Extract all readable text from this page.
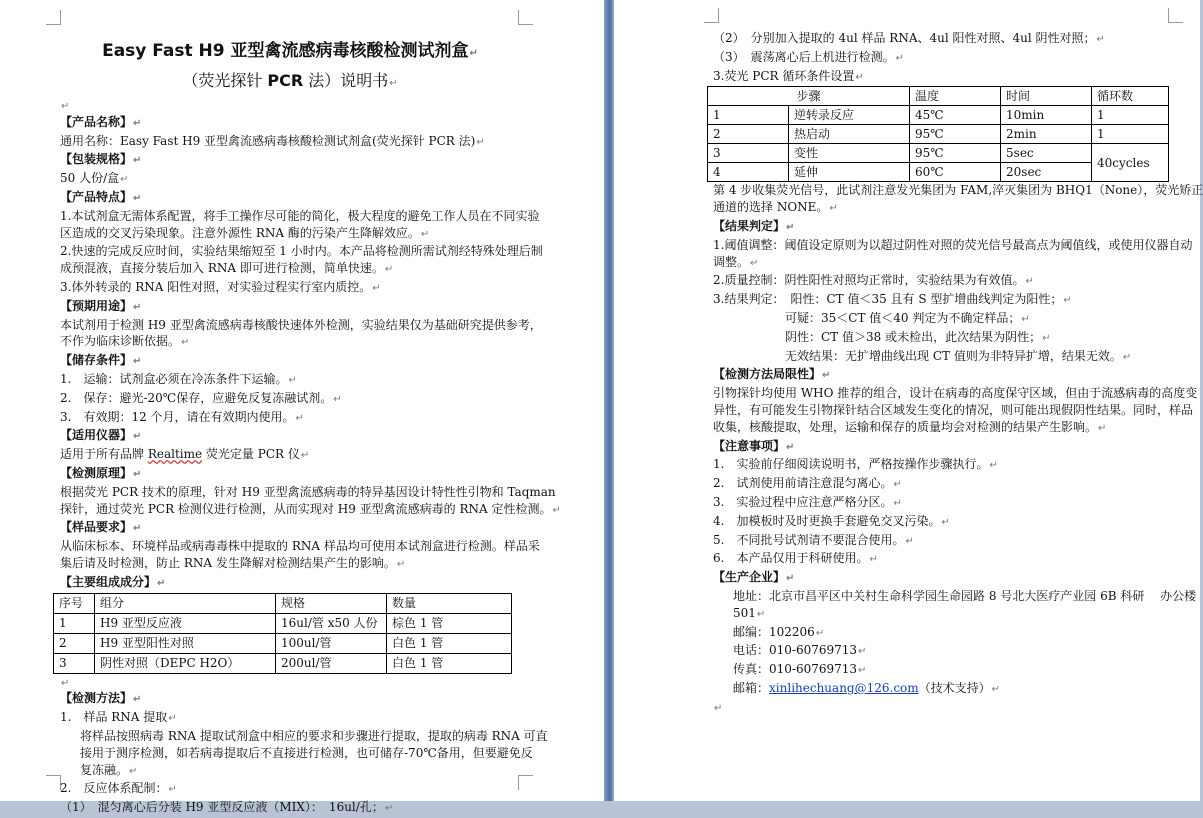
Easy Fast H9 亚型禽流感病毒核酸检测试剂盒↵
（荧光探针 PCR 法）说明书↵
↵
【产品名称】↵
通用名称：Easy Fast H9 亚型禽流感病毒核酸检测试剂盒(荧光探针 PCR 法)↵
【包装规格】↵
50 人份/盒↵
【产品特点】↵
1.本试剂盒无需体系配置，将手工操作尽可能的简化，极大程度的避免工作人员在不同实验
区造成的交叉污染现象。注意外源性 RNA 酶的污染产生降解效应。↵
2.快速的完成反应时间，实验结果缩短至 1 小时内。本产品将检测所需试剂经特殊处理后制
成预混液，直接分装后加入 RNA 即可进行检测，简单快速。↵
3.体外转录的 RNA 阳性对照，对实验过程实行室内质控。↵
【预期用途】↵
本试剂用于检测 H9 亚型禽流感病毒核酸快速体外检测，实验结果仅为基础研究提供参考，
不作为临床诊断依据。↵
【储存条件】↵
1.　运输：试剂盒必须在冷冻条件下运输。↵
2.　保存：避光-20℃保存，应避免反复冻融试剂。↵
3.　有效期：12 个月，请在有效期内使用。↵
【适用仪器】↵
适用于所有品牌 Realtime 荧光定量 PCR 仪↵
【检测原理】↵
根据荧光 PCR 技术的原理，针对 H9 亚型禽流感病毒的特异基因设计特性性引物和 Taqman
探针，通过荧光 PCR 检测仪进行检测，从而实现对 H9 亚型禽流感病毒的 RNA 定性检测。↵
【样品要求】↵
从临床标本、环境样品或病毒毒株中提取的 RNA 样品均可使用本试剂盒进行检测。样品采
集后请及时检测，防止 RNA 发生降解对检测结果产生的影响。↵
【主要组成成分】↵
序号	组分	规格	数量
1	H9 亚型反应液	16ul/管 x50 人份	棕色 1 管
2	H9 亚型阳性对照	100ul/管	白色 1 管
3	阴性对照（DEPC H2O）	200ul/管	白色 1 管
↵
【检测方法】↵
1.　样品 RNA 提取↵
将样品按照病毒 RNA 提取试剂盒中相应的要求和步骤进行提取，提取的病毒 RNA 可直
接用于测序检测，如若病毒提取后不直接进行检测，也可储存-70℃备用，但要避免反
复冻融。↵
2.　反应体系配制：↵
（1）　混匀离心后分装 H9 亚型反应液（MIX）：　16ul/孔；↵
（2）　分别加入提取的 4ul 样品 RNA、4ul 阳性对照、4ul 阴性对照；↵
（3）　震荡离心后上机进行检测。↵
3.荧光 PCR 循环条件设置↵
步骤		温度	时间	循环数
1	逆转录反应	45℃	10min	1
2	热启动	95℃	2min	1
3	变性	95℃	5sec	40cycles
4	延伸	60℃	20sec	
第 4 步收集荧光信号，此试剂注意发光集团为 FAM,淬灭集团为 BHQ1（None），荧光矫正
通道的选择 NONE。↵
【结果判定】↵
1.阈值调整：阈值设定原则为以超过阴性对照的荧光信号最高点为阈值线，或使用仪器自动
调整。↵
2.质量控制：阴性阳性对照均正常时，实验结果为有效值。↵
3.结果判定：　阳性：CT 值＜35 且有 S 型扩增曲线判定为阳性；↵
可疑：35＜CT 值＜40 判定为不确定样品；↵
阴性：CT 值＞38 或未检出，此次结果为阴性；↵
无效结果：无扩增曲线出现 CT 值则为非特异扩增，结果无效。↵
【检测方法局限性】↵
引物探针均使用 WHO 推荐的组合，设计在病毒的高度保守区域，但由于流感病毒的高度变
异性，有可能发生引物探针结合区域发生变化的情况，则可能出现假阴性结果。同时，样品
收集，核酸提取，处理，运输和保存的质量均会对检测的结果产生影响。↵
【注意事项】↵
1.　实验前仔细阅读说明书，严格按操作步骤执行。↵
2.　试剂使用前请注意混匀离心。↵
3.　实验过程中应注意严格分区。↵
4.　加模板时及时更换手套避免交叉污染。↵
5.　不同批号试剂请不要混合使用。↵
6.　本产品仅用于科研使用。↵
【生产企业】↵
地址：北京市昌平区中关村生命科学园生命园路 8 号北大医疗产业园 6B 科研　 办公楼
501↵
邮编：102206↵
电话：010-60769713↵
传真：010-60769713↵
邮箱：xinlihechuang@126.com（技术支持）↵
↵
